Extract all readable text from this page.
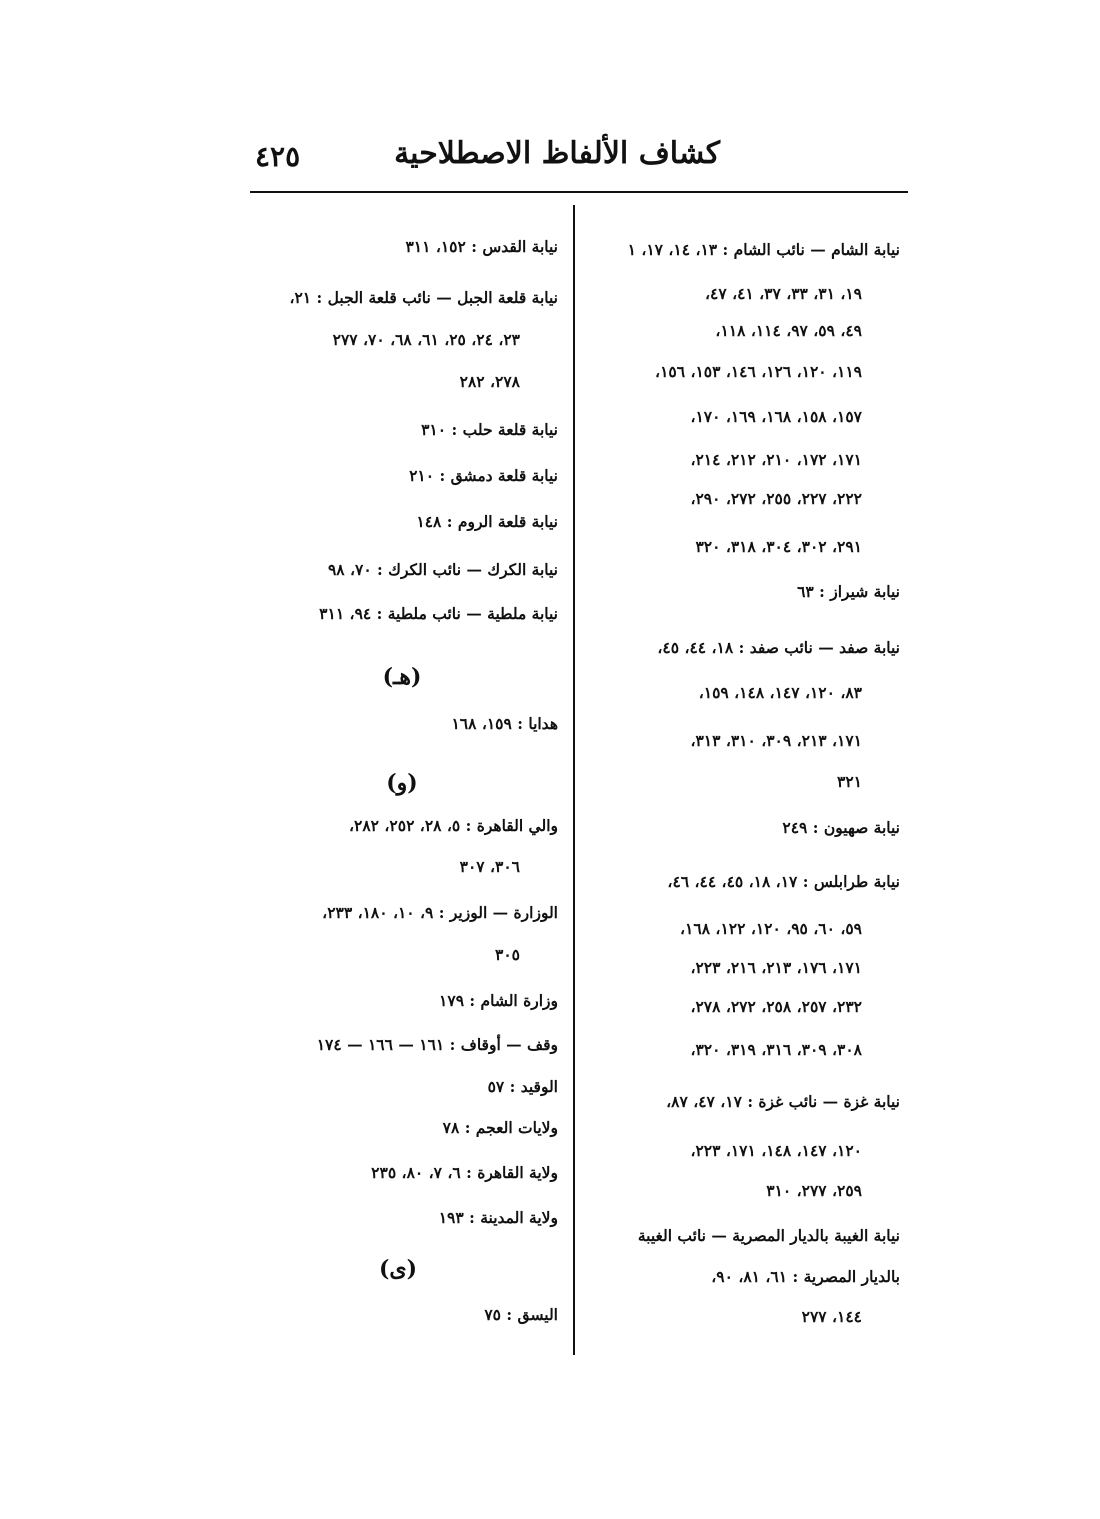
كشاف الألفاظ الاصطلاحية
٤٢٥
نيابة الشام — نائب الشام : ١٣، ١٤، ١٧، ١
١٩، ٣١، ٣٣، ٣٧، ٤١، ٤٧،
٤٩، ٥٩، ٩٧، ١١٤، ١١٨،
١١٩، ١٢٠، ١٢٦، ١٤٦، ١٥٣، ١٥٦،
١٥٧، ١٥٨، ١٦٨، ١٦٩، ١٧٠،
١٧١، ١٧٢، ٢١٠، ٢١٢، ٢١٤،
٢٢٢، ٢٢٧، ٢٥٥، ٢٧٢، ٢٩٠،
٢٩١، ٣٠٢، ٣٠٤، ٣١٨، ٣٢٠
نيابة شيراز : ٦٣
نيابة صفد — نائب صفد : ١٨، ٤٤، ٤٥،
٨٣، ١٢٠، ١٤٧، ١٤٨، ١٥٩،
١٧١، ٢١٣، ٣٠٩، ٣١٠، ٣١٣،
٣٢١
نيابة صهيون : ٢٤٩
نيابة طرابلس : ١٧، ١٨، ٤٥، ٤٤، ٤٦،
٥٩، ٦٠، ٩٥، ١٢٠، ١٢٢، ١٦٨،
١٧١، ١٧٦، ٢١٣، ٢١٦، ٢٢٣،
٢٣٢، ٢٥٧، ٢٥٨، ٢٧٢، ٢٧٨،
٣٠٨، ٣٠٩، ٣١٦، ٣١٩، ٣٢٠،
نيابة غزة — نائب غزة : ١٧، ٤٧، ٨٧،
١٢٠، ١٤٧، ١٤٨، ١٧١، ٢٢٣،
٢٥٩، ٢٧٧، ٣١٠
نيابة الغيبة بالديار المصرية — نائب الغيبة
بالديار المصرية : ٦١، ٨١، ٩٠،
١٤٤، ٢٧٧
نيابة القدس : ١٥٢، ٣١١
نيابة قلعة الجبل — نائب قلعة الجبل : ٢١،
٢٣، ٢٤، ٢٥، ٦١، ٦٨، ٧٠، ٢٧٧
٢٧٨، ٢٨٢
نيابة قلعة حلب : ٣١٠
نيابة قلعة دمشق : ٢١٠
نيابة قلعة الروم : ١٤٨
نيابة الكرك — نائب الكرك : ٧٠، ٩٨
نيابة ملطية — نائب ملطية : ٩٤، ٣١١
(هـ)
هدايا : ١٥٩، ١٦٨
(و)
والي القاهرة : ٥، ٢٨، ٢٥٢، ٢٨٢،
٣٠٦، ٣٠٧
الوزارة — الوزير : ٩، ١٠، ١٨٠، ٢٣٣،
٣٠٥
وزارة الشام : ١٧٩
وقف — أوقاف : ١٦١ — ١٦٦ — ١٧٤
الوقيد : ٥٧
ولايات العجم : ٧٨
ولاية القاهرة : ٦، ٧، ٨٠، ٢٣٥
ولاية المدينة : ١٩٣
(ى)
اليسق : ٧٥
